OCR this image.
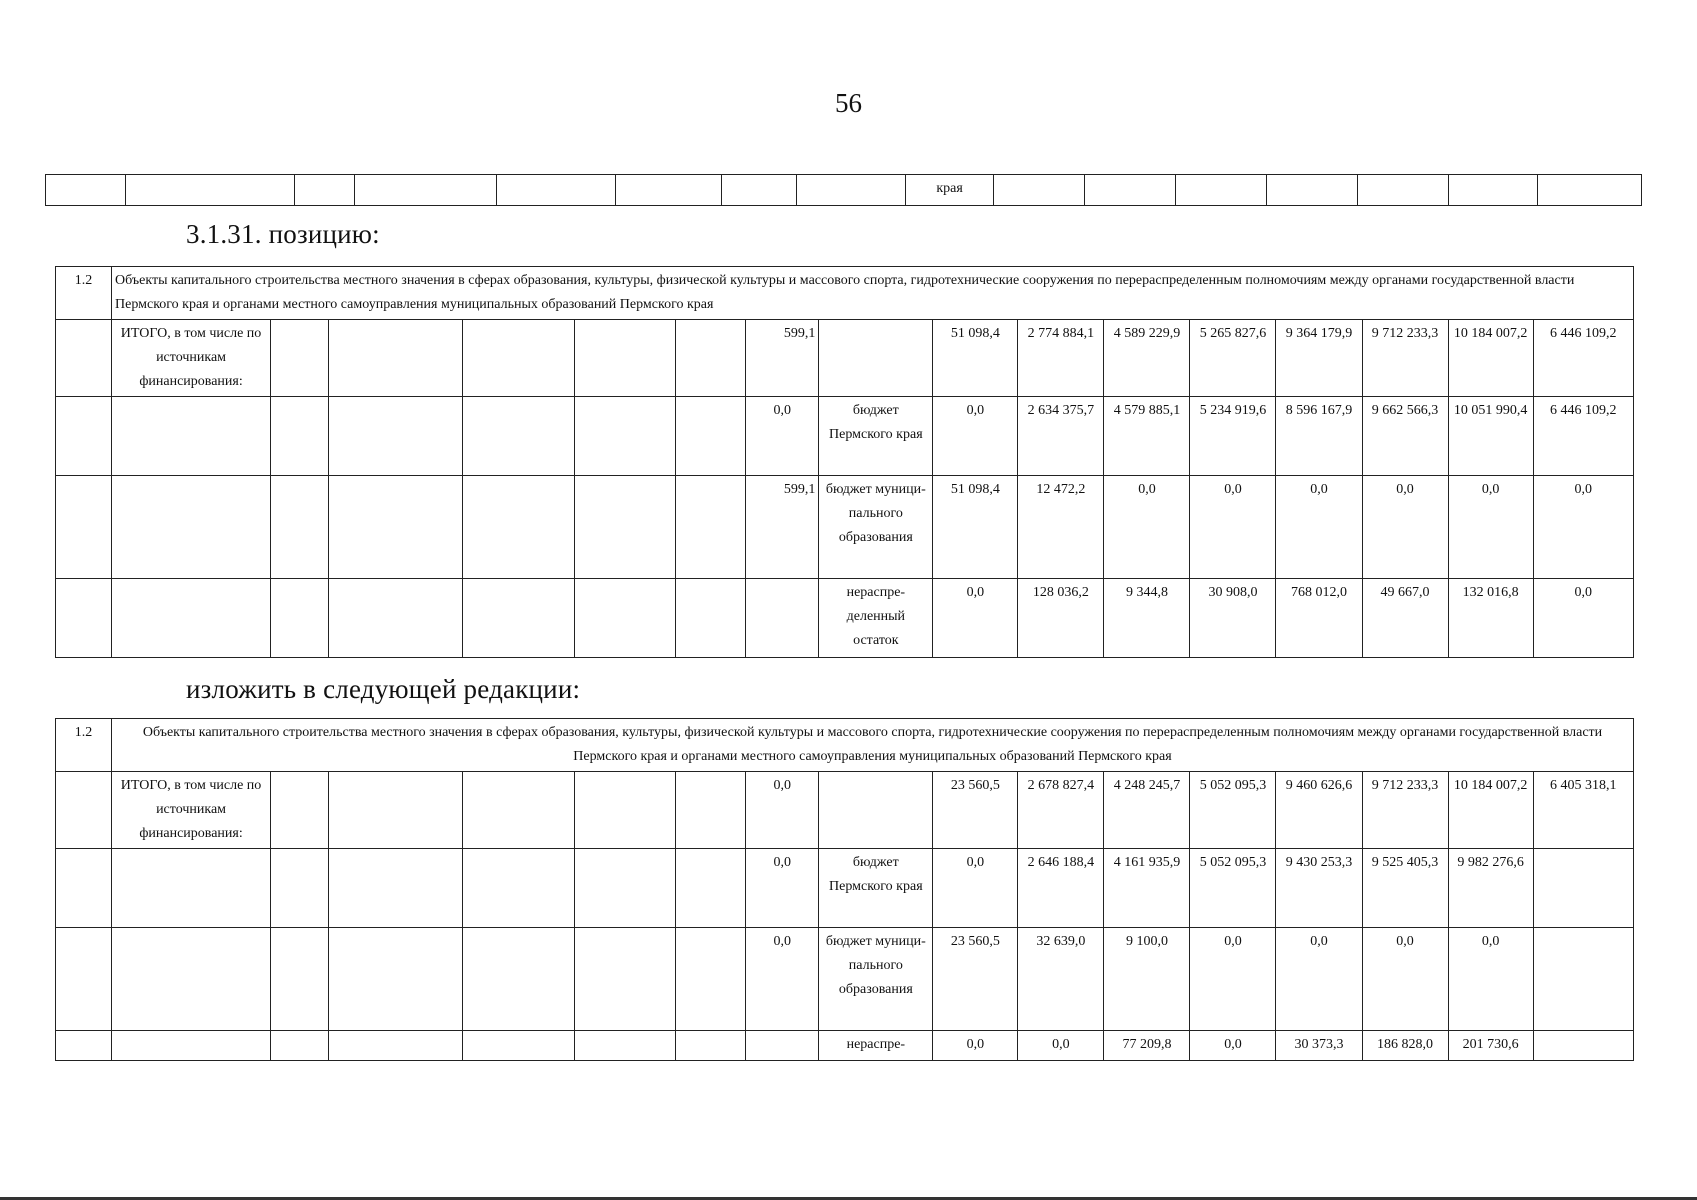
56
								края							
3.1.31. позицию:
1.2	Объекты капитального строительства местного значения в сферах образования, культуры, физической культуры и массового спорта, гидротехнические сооружения по перераспределенным полномочиям между органами государственной власти Пермского края и органами местного самоуправления муниципальных образований Пермского края															
	ИТОГО, в том числе по источникам финансирования:						599,1		51 098,4	2 774 884,1	4 589 229,9	5 265 827,6	9 364 179,9	9 712 233,3	10 184 007,2	6 446 109,2
							0,0	бюджет Пермского края	0,0	2 634 375,7	4 579 885,1	5 234 919,6	8 596 167,9	9 662 566,3	10 051 990,4	6 446 109,2
							599,1	бюджет муници-пального образования	51 098,4	12 472,2	0,0	0,0	0,0	0,0	0,0	0,0
								нераспре-деленный остаток	0,0	128 036,2	9 344,8	30 908,0	768 012,0	49 667,0	132 016,8	0,0
изложить в следующей редакции:
1.2	Объекты капитального строительства местного значения в сферах образования, культуры, физической культуры и массового спорта, гидротехнические сооружения по перераспределенным полномочиям между органами государственной власти Пермского края и органами местного самоуправления муниципальных образований Пермского края															
	ИТОГО, в том числе по источникам финансирования:						0,0		23 560,5	2 678 827,4	4 248 245,7	5 052 095,3	9 460 626,6	9 712 233,3	10 184 007,2	6 405 318,1
							0,0	бюджет Пермского края	0,0	2 646 188,4	4 161 935,9	5 052 095,3	9 430 253,3	9 525 405,3	9 982 276,6	
							0,0	бюджет муници-пального образования	23 560,5	32 639,0	9 100,0	0,0	0,0	0,0	0,0	
								нераспре-	0,0	0,0	77 209,8	0,0	30 373,3	186 828,0	201 730,6	
